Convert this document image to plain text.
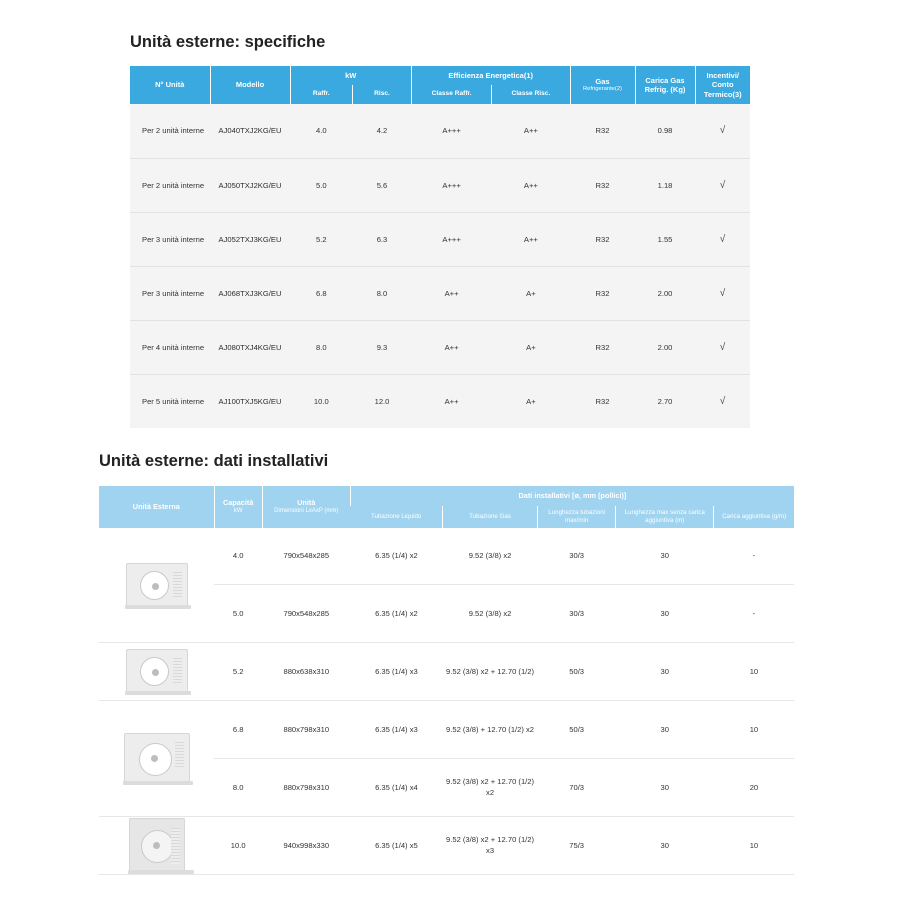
Unità esterne: specifiche
N° Unità	Modello	kW		Efficienza Energetica(1)		Gas
Refrigerante(2)	Carica Gas Refrig. (Kg)	Incentivi/ Conto Termico(3)
		Raffr.	Risc.	Classe Raffr.	Classe Risc.			
Per 2 unità interne	AJ040TXJ2KG/EU	4.0	4.2	A+++	A++	R32	0.98	√
Per 2 unità interne	AJ050TXJ2KG/EU	5.0	5.6	A+++	A++	R32	1.18	√
Per 3 unità interne	AJ052TXJ3KG/EU	5.2	6.3	A+++	A++	R32	1.55	√
Per 3 unità interne	AJ068TXJ3KG/EU	6.8	8.0	A++	A+	R32	2.00	√
Per 4 unità interne	AJ080TXJ4KG/EU	8.0	9.3	A++	A+	R32	2.00	√
Per 5 unità interne	AJ100TXJ5KG/EU	10.0	12.0	A++	A+	R32	2.70	√
Unità esterne: dati installativi
Unità Esterna	Capacità
kW	Unità
Dimensioni LxAxP (mm)	Dati installativi [ø, mm (pollici)]				
			Tubazione Liquido	Tubazione Gas	Lunghezza tubazioni max/min	Lunghezza max senza carica aggiuntiva (m)	Carica aggiuntiva (g/m)

	4.0	790x548x285	6.35 (1/4) x2	9.52 (3/8) x2	30/3	30	-
	5.0	790x548x285	6.35 (1/4) x2	9.52 (3/8) x2	30/3	30	-

	5.2	880x638x310	6.35 (1/4) x3	9.52 (3/8) x2 + 12.70 (1/2)	50/3	30	10

	6.8	880x798x310	6.35 (1/4) x3	9.52 (3/8) + 12.70 (1/2) x2	50/3	30	10
	8.0	880x798x310	6.35 (1/4) x4	9.52 (3/8) x2 + 12.70 (1/2) x2	70/3	30	20

	10.0	940x998x330	6.35 (1/4) x5	9.52 (3/8) x2 + 12.70 (1/2) x3	75/3	30	10
